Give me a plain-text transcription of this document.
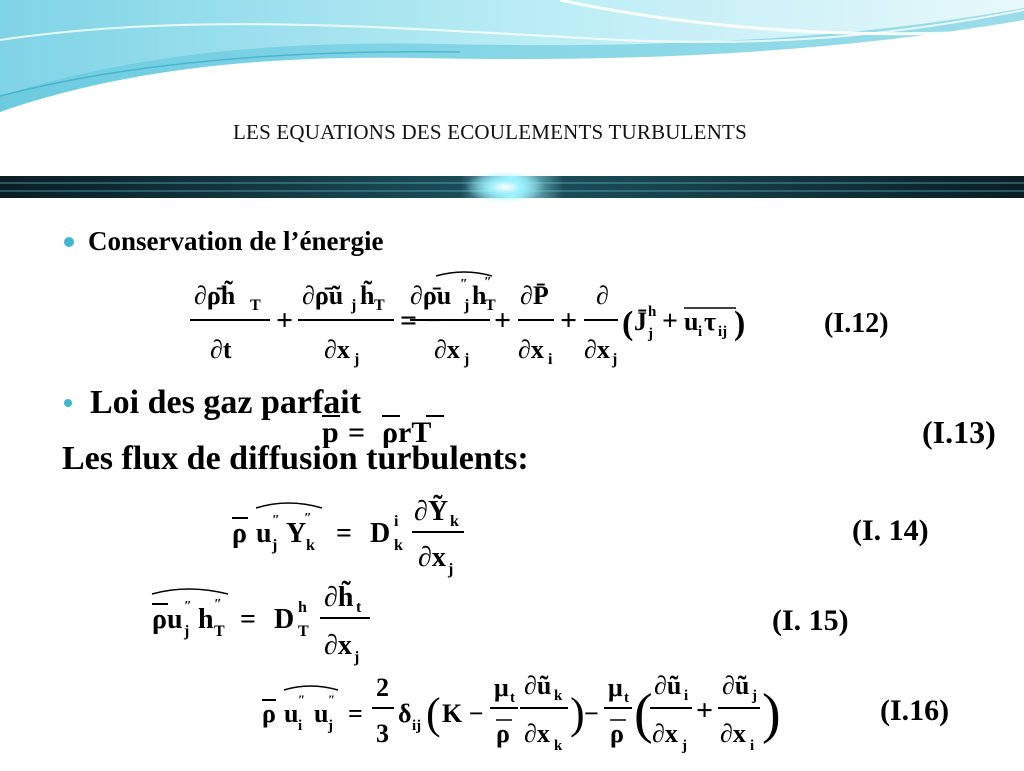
LES EQUATIONS DES ECOULEMENTS TURBULENTS
Conservation de l’énergie
∂ρ̄h̃ T
∂t
+
∂ρ̄ũ j h̃ T
∂x j
= −
∂ρ̄u j
″ h
T
″
∂x j
+
∂P̄
∂x i
+
∂
∂x j
( J̄ h
j + u i τ ij )	(I.12)
Loi des gaz parfait
p = ρrT	(I.13)
Les flux de diffusion turbulents:
ρ u j
″ Y k
″ = D i
k
∂Ỹ k
∂x j
(I. 14)
ρu j
″ h T
″ = D h
T
∂h̃ t
∂x j
(I. 15)
ρ u i
″ u j
″ =
2
3
δ ij ( K −
μ t
ρ
∂ũ k
∂x k
) −
μ t
ρ ( ∂ũ i
∂x j
+
∂ũ j
∂x i
)	(I.16)
